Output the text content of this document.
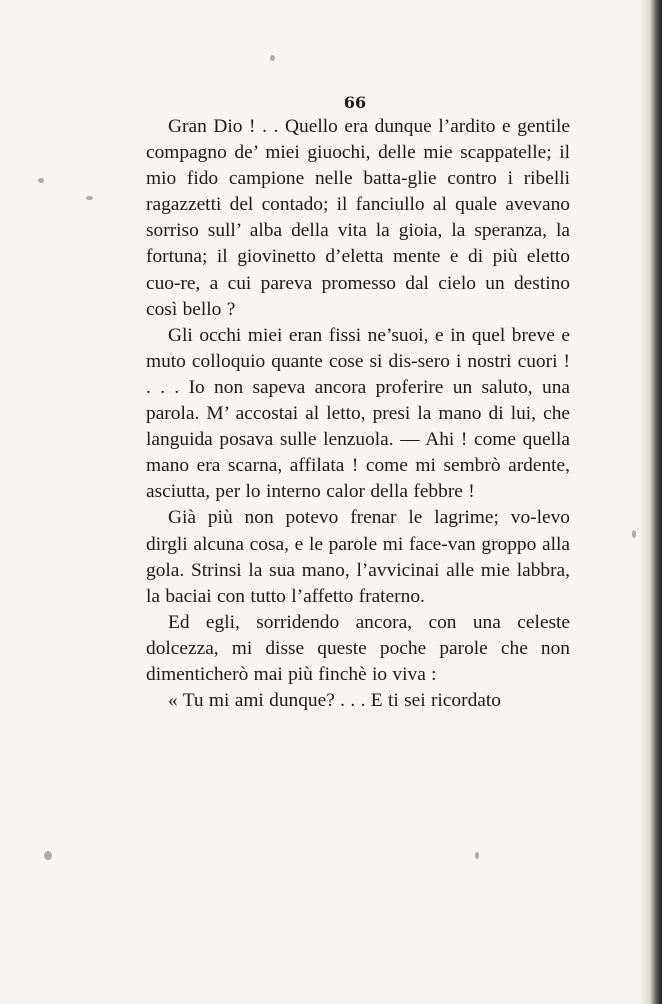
66

Gran Dio ! . . Quello era dunque l’ardito e gentile compagno de’ miei giuochi, delle mie scappatelle; il mio fido campione nelle batta-glie contro i ribelli ragazzetti del contado; il fanciullo al quale avevano sorriso sull’ alba della vita la gioia, la speranza, la fortuna; il giovinetto d’eletta mente e di più eletto cuo-re, a cui pareva promesso dal cielo un destino così bello ?

Gli occhi miei eran fissi ne’suoi, e in quel breve e muto colloquio quante cose si dis-sero i nostri cuori ! . . . Io non sapeva ancora proferire un saluto, una parola. M’ accostai al letto, presi la mano di lui, che languida posava sulle lenzuola. — Ahi ! come quella mano era scarna, affilata ! come mi sembrò ardente, asciutta, per lo interno calor della febbre !

Già più non potevo frenar le lagrime; vo-levo dirgli alcuna cosa, e le parole mi face-van groppo alla gola. Strinsi la sua mano, l’avvicinai alle mie labbra, la baciai con tutto l’affetto fraterno.

Ed egli, sorridendo ancora, con una celeste dolcezza, mi disse queste poche parole che non dimenticherò mai più finchè io viva :

« Tu mi ami dunque? . . . E ti sei ricordato
